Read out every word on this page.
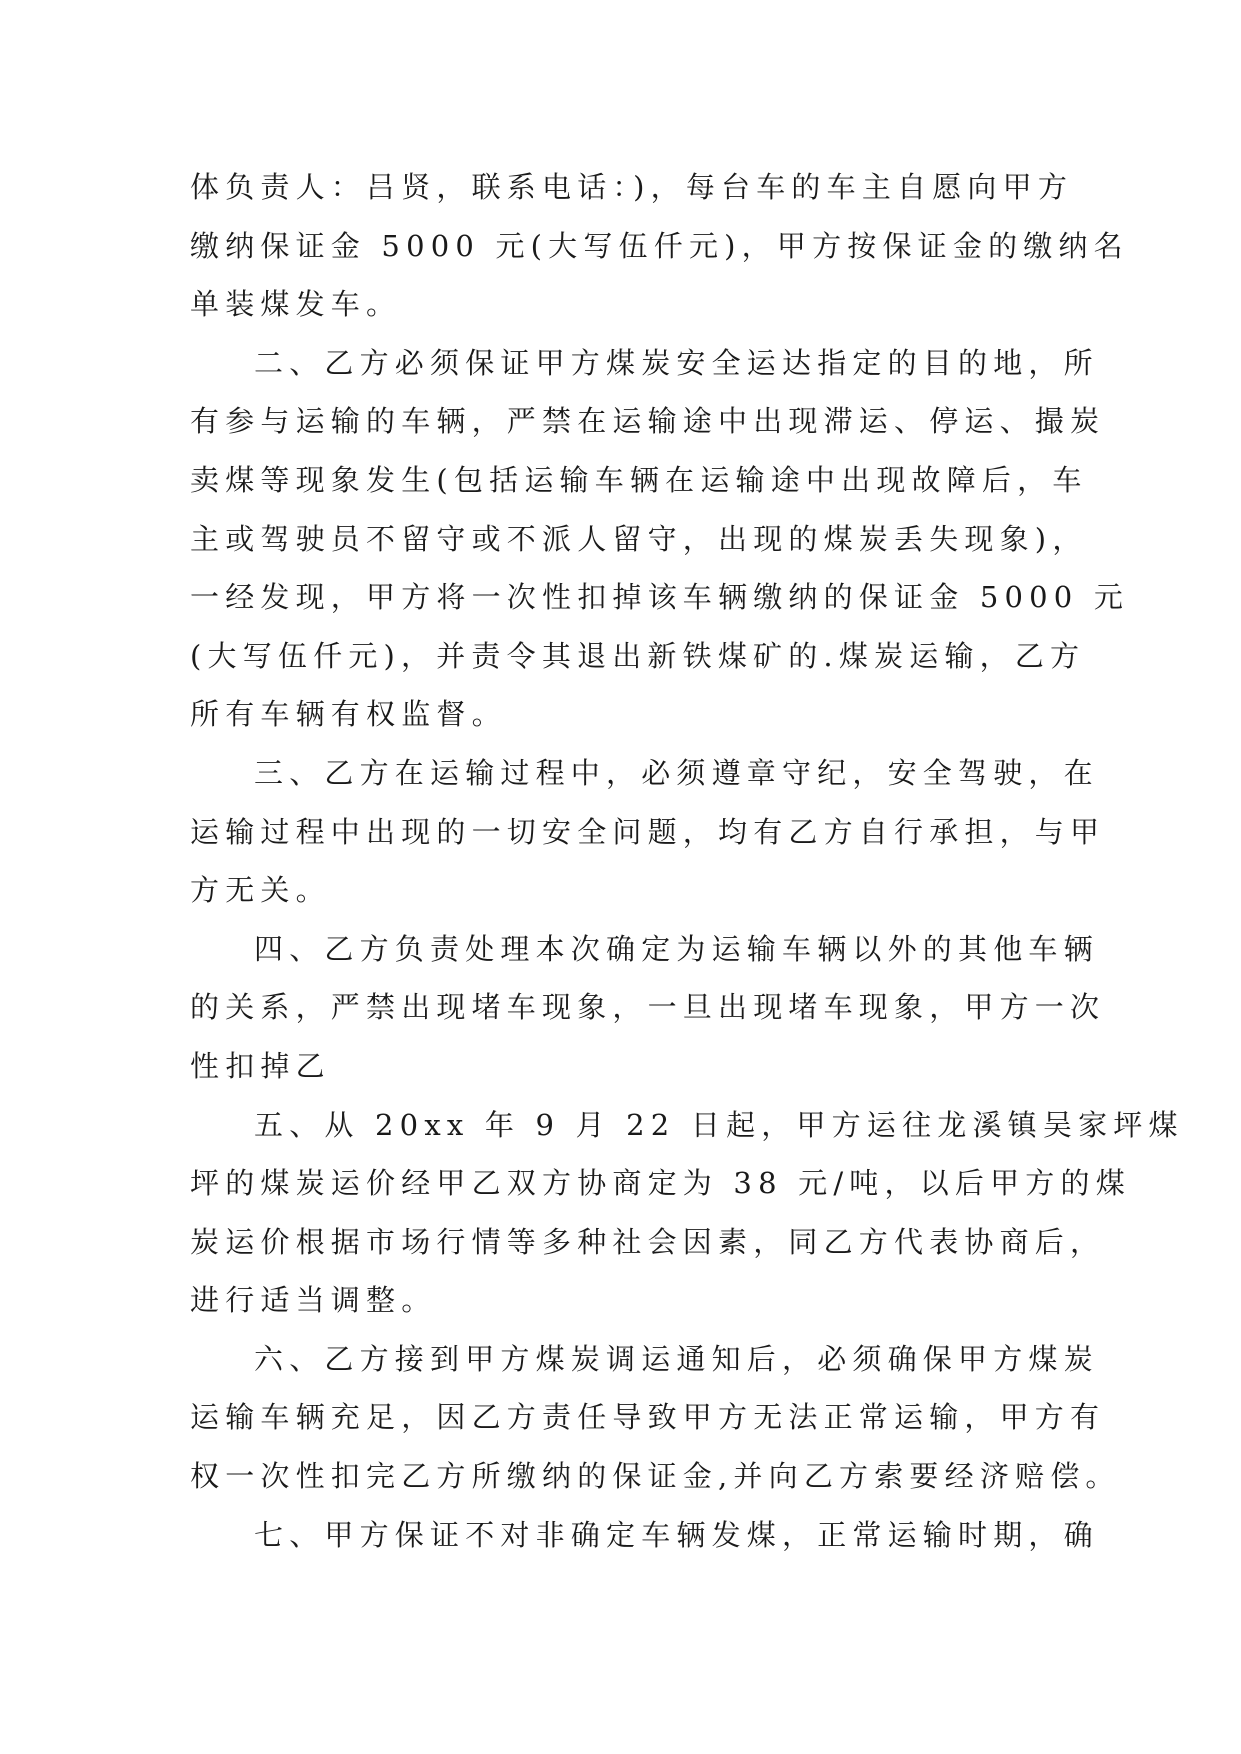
体负责人：吕贤，联系电话：)，每台车的车主自愿向甲方
缴纳保证金 5000 元(大写伍仟元)，甲方按保证金的缴纳名
单装煤发车。
二、乙方必须保证甲方煤炭安全运达指定的目的地，所
有参与运输的车辆，严禁在运输途中出现滞运、停运、撮炭
卖煤等现象发生(包括运输车辆在运输途中出现故障后，车
主或驾驶员不留守或不派人留守，出现的煤炭丢失现象)，
一经发现，甲方将一次性扣掉该车辆缴纳的保证金 5000 元
(大写伍仟元)，并责令其退出新铁煤矿的.煤炭运输，乙方
所有车辆有权监督。
三、乙方在运输过程中，必须遵章守纪，安全驾驶，在
运输过程中出现的一切安全问题，均有乙方自行承担，与甲
方无关。
四、乙方负责处理本次确定为运输车辆以外的其他车辆
的关系，严禁出现堵车现象，一旦出现堵车现象，甲方一次
性扣掉乙
五、从 20xx 年 9 月 22 日起，甲方运往龙溪镇吴家坪煤
坪的煤炭运价经甲乙双方协商定为 38 元/吨，以后甲方的煤
炭运价根据市场行情等多种社会因素，同乙方代表协商后，
进行适当调整。
六、乙方接到甲方煤炭调运通知后，必须确保甲方煤炭
运输车辆充足，因乙方责任导致甲方无法正常运输，甲方有
权一次性扣完乙方所缴纳的保证金,并向乙方索要经济赔偿。
七、甲方保证不对非确定车辆发煤，正常运输时期，确
